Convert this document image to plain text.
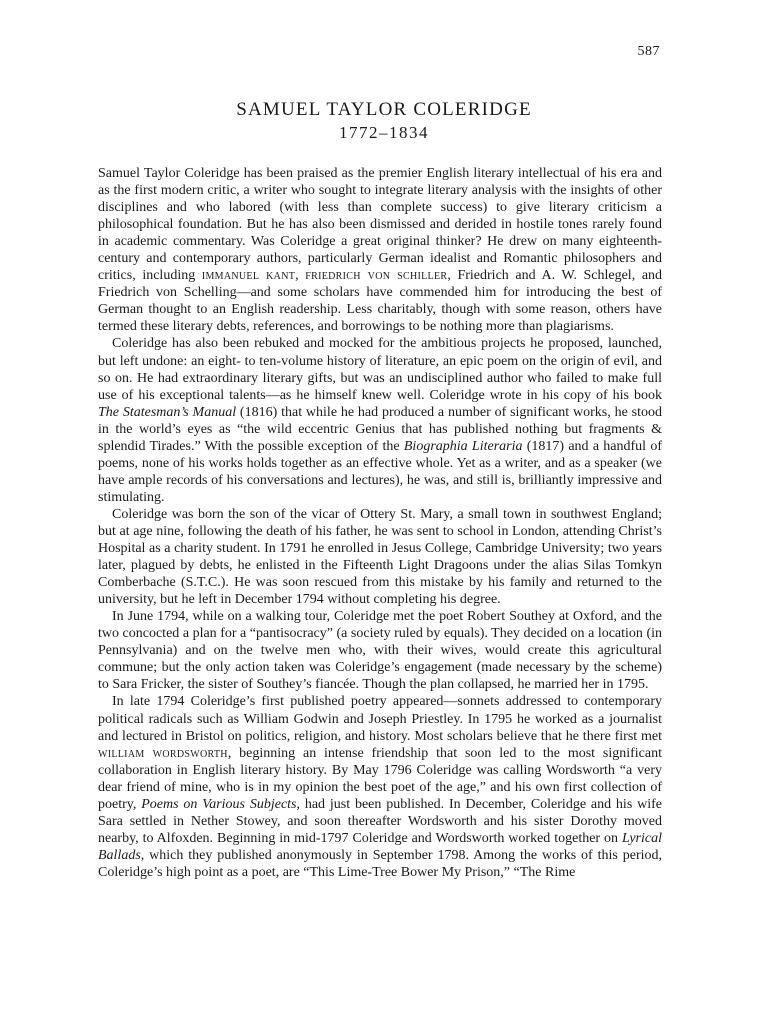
587
SAMUEL TAYLOR COLERIDGE
1772–1834

Samuel Taylor Coleridge has been praised as the premier English literary intellectual of his era and as the first modern critic, a writer who sought to integrate literary analysis with the insights of other disciplines and who labored (with less than complete success) to give literary criticism a philosophical foundation. But he has also been dismissed and derided in hostile tones rarely found in academic commentary. Was Coleridge a great original thinker? He drew on many eighteenth-century and contemporary authors, particularly German idealist and Romantic philosophers and critics, including immanuel kant, friedrich von schiller, Friedrich and A. W. Schlegel, and Friedrich von Schelling—and some scholars have commended him for introducing the best of German thought to an English readership. Less charitably, though with some reason, others have termed these literary debts, references, and borrowings to be nothing more than plagiarisms.

Coleridge has also been rebuked and mocked for the ambitious projects he proposed, launched, but left undone: an eight- to ten-volume history of literature, an epic poem on the origin of evil, and so on. He had extraordinary literary gifts, but was an undisciplined author who failed to make full use of his exceptional talents—as he himself knew well. Coleridge wrote in his copy of his book The Statesman’s Manual (1816) that while he had produced a number of significant works, he stood in the world’s eyes as “the wild eccentric Genius that has published nothing but fragments & splendid Tirades.” With the possible exception of the Biographia Literaria (1817) and a handful of poems, none of his works holds together as an effective whole. Yet as a writer, and as a speaker (we have ample records of his conversations and lectures), he was, and still is, brilliantly impressive and stimulating.

Coleridge was born the son of the vicar of Ottery St. Mary, a small town in southwest England; but at age nine, following the death of his father, he was sent to school in London, attending Christ’s Hospital as a charity student. In 1791 he enrolled in Jesus College, Cambridge University; two years later, plagued by debts, he enlisted in the Fifteenth Light Dragoons under the alias Silas Tomkyn Comberbache (S.T.C.). He was soon rescued from this mistake by his family and returned to the university, but he left in December 1794 without completing his degree.

In June 1794, while on a walking tour, Coleridge met the poet Robert Southey at Oxford, and the two concocted a plan for a “pantisocracy” (a society ruled by equals). They decided on a location (in Pennsylvania) and on the twelve men who, with their wives, would create this agricultural commune; but the only action taken was Coleridge’s engagement (made necessary by the scheme) to Sara Fricker, the sister of Southey’s fiancée. Though the plan collapsed, he married her in 1795.

In late 1794 Coleridge’s first published poetry appeared—sonnets addressed to contemporary political radicals such as William Godwin and Joseph Priestley. In 1795 he worked as a journalist and lectured in Bristol on politics, religion, and history. Most scholars believe that he there first met william wordsworth, beginning an intense friendship that soon led to the most significant collaboration in English literary history. By May 1796 Coleridge was calling Wordsworth “a very dear friend of mine, who is in my opinion the best poet of the age,” and his own first collection of poetry, Poems on Various Subjects, had just been published. In December, Coleridge and his wife Sara settled in Nether Stowey, and soon thereafter Wordsworth and his sister Dorothy moved nearby, to Alfoxden. Beginning in mid-1797 Coleridge and Wordsworth worked together on Lyrical Ballads, which they published anonymously in September 1798. Among the works of this period, Coleridge’s high point as a poet, are “This Lime-Tree Bower My Prison,” “The Rime
